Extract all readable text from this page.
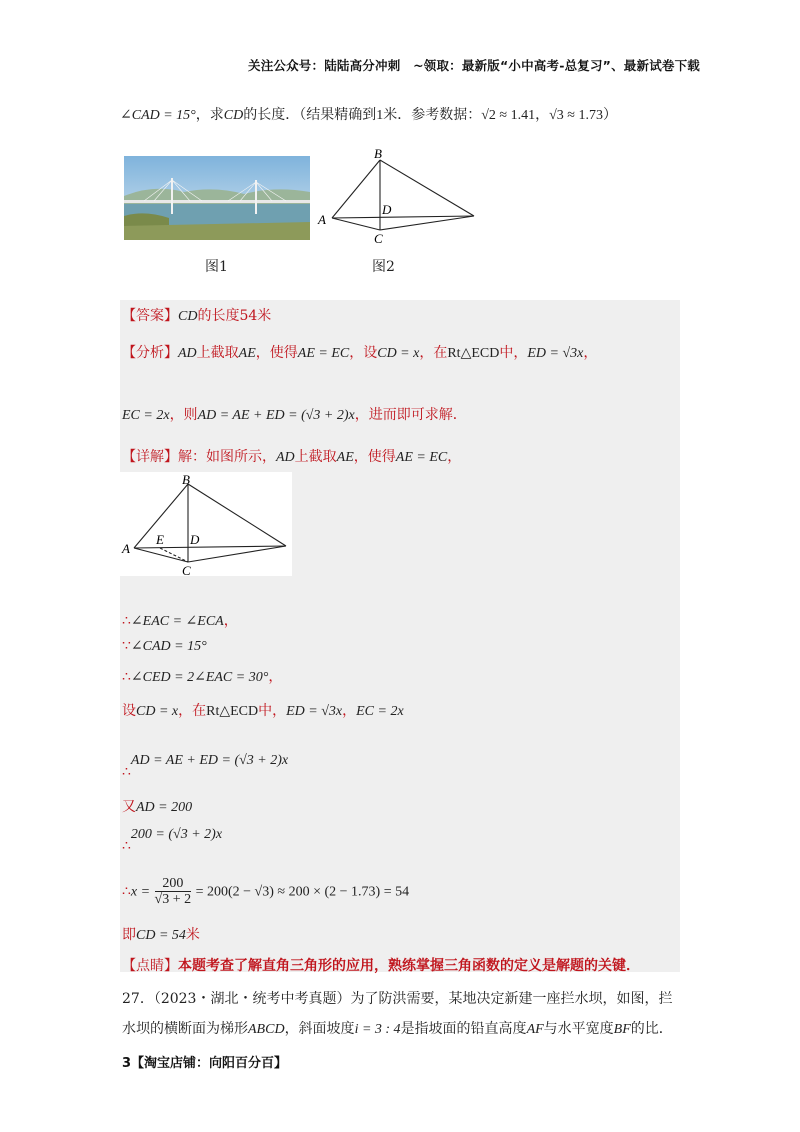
关注公众号：陆陆高分冲刺　~领取：最新版“小中高考-总复习”、最新试卷下载
∠CAD = 15°，求CD的长度．（结果精确到1米．参考数据：√2 ≈ 1.41，√3 ≈ 1.73）
B
A
D
C
图1	图2
【答案】CD的长度54米
【分析】AD上截取AE，使得AE = EC，设CD = x，在Rt△ECD中，ED = √3x，
EC = 2x，则AD = AE + ED = (√3 + 2)x，进而即可求解．
【详解】解：如图所示，AD上截取AE，使得AE = EC，
B
A
E D
C
∴∠EAC = ∠ECA，
∵∠CAD = 15°
∴∠CED = 2∠EAC = 30°，
设CD = x，在Rt△ECD中，ED = √3x，EC = 2x
∴AD = AE + ED = (√3 + 2)x
又AD = 200
∴200 = (√3 + 2)x
∴x = $\frac{200}{√3 + 2} = 200(2 - √3) \approx 200 \times (2 - 1.73) = 54$
即CD = 54米
【点睛】本题考查了解直角三角形的应用，熟练掌握三角函数的定义是解题的关键．
27．（2023・湖北・统考中考真题）为了防洪需要，某地决定新建一座拦水坝，如图，拦
水坝的横断面为梯形ABCD，斜面坡度i = 3 : 4是指坡面的铅直高度AF与水平宽度BF的比．
3【淘宝店铺：向阳百分百】
